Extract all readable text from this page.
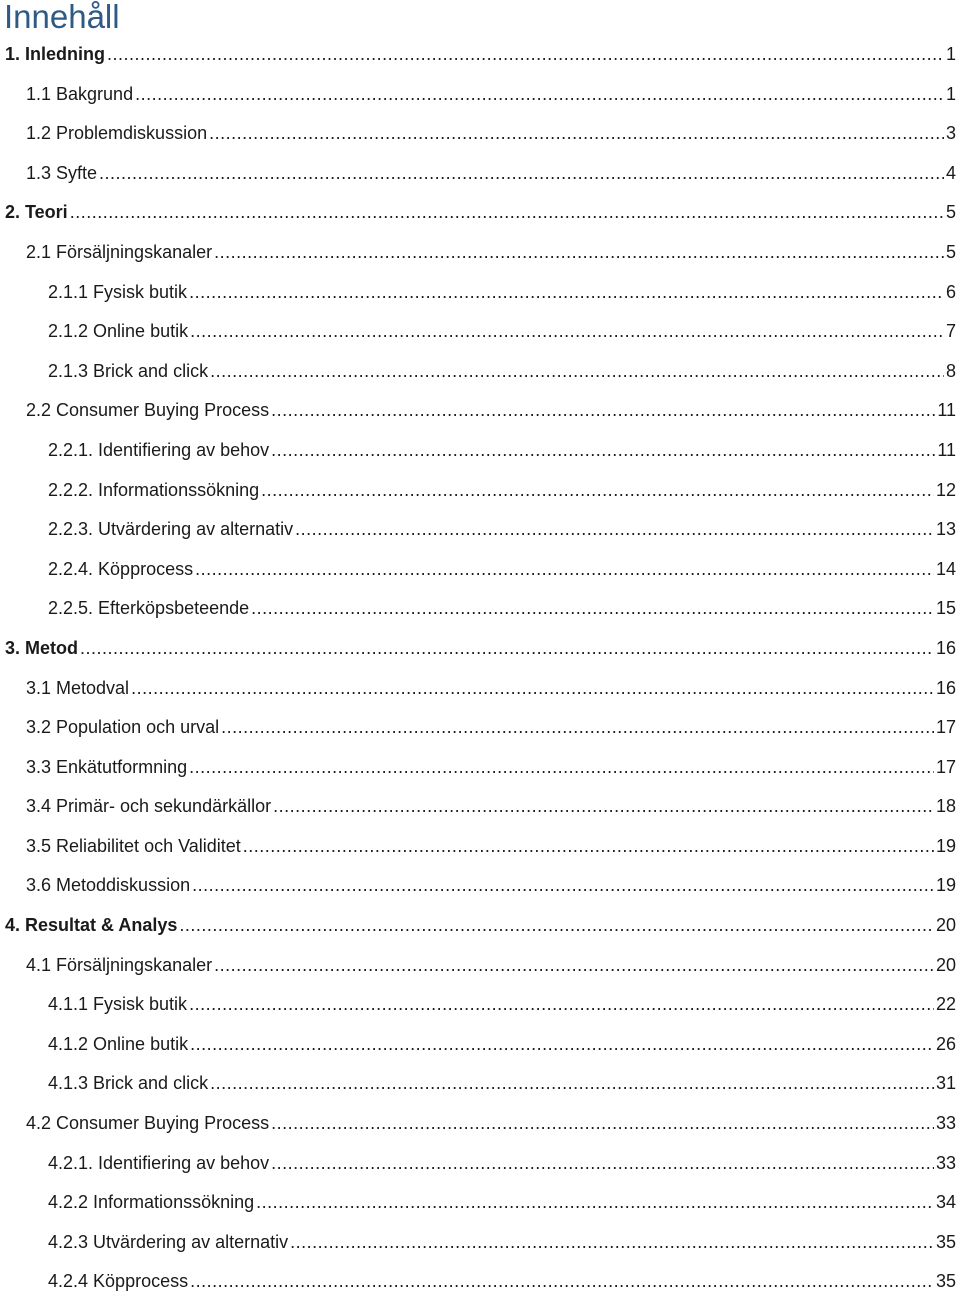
Innehåll
1. Inledning .....	1
1.1 Bakgrund .....	1
1.2 Problemdiskussion .....	3
1.3 Syfte .....	4
2. Teori .....	5
2.1 Försäljningskanaler .....	5
2.1.1 Fysisk butik .....	6
2.1.2 Online butik .....	7
2.1.3 Brick and click .....	8
2.2 Consumer Buying Process .....	11
2.2.1. Identifiering av behov .....	11
2.2.2. Informationssökning .....	12
2.2.3. Utvärdering av alternativ .....	13
2.2.4. Köpprocess .....	14
2.2.5. Efterköpsbeteende .....	15
3. Metod .....	16
3.1 Metodval .....	16
3.2 Population och urval .....	17
3.3 Enkätutformning .....	17
3.4 Primär- och sekundärkällor .....	18
3.5 Reliabilitet och Validitet .....	19
3.6 Metoddiskussion .....	19
4. Resultat & Analys .....	20
4.1 Försäljningskanaler .....	20
4.1.1 Fysisk butik .....	22
4.1.2 Online butik .....	26
4.1.3 Brick and click .....	31
4.2 Consumer Buying Process .....	33
4.2.1. Identifiering av behov .....	33
4.2.2 Informationssökning .....	34
4.2.3 Utvärdering av alternativ .....	35
4.2.4 Köpprocess .....	35
